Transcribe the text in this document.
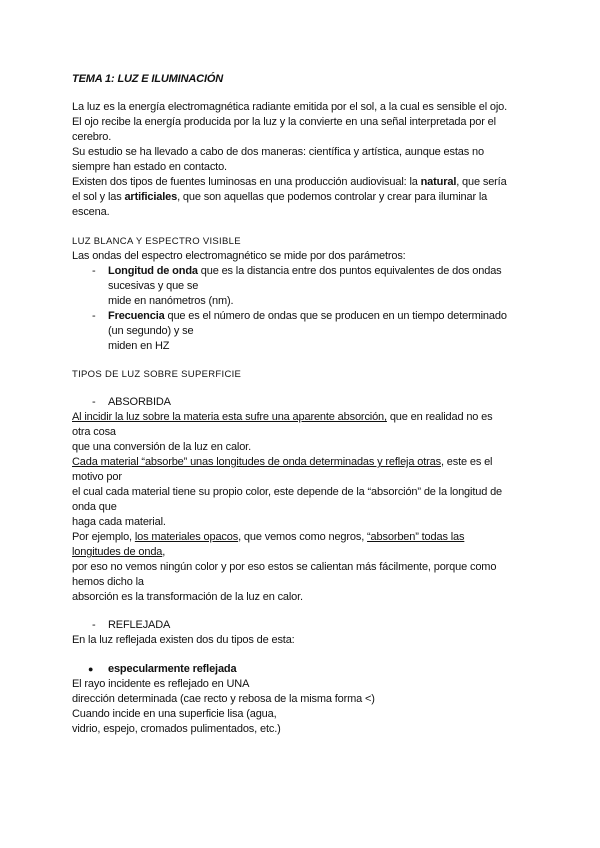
TEMA 1: LUZ E ILUMINACIÓN
La luz es la energía electromagnética radiante emitida por el sol, a la cual es sensible el ojo.
El ojo recibe la energía producida por la luz y la convierte en una señal interpretada por el
cerebro.
Su estudio se ha llevado a cabo de dos maneras: científica y artística, aunque estas no
siempre han estado en contacto.
Existen dos tipos de fuentes luminosas en una producción audiovisual: la natural, que sería
el sol y las artificiales, que son aquellas que podemos controlar y crear para iluminar la
escena.
LUZ BLANCA Y ESPECTRO VISIBLE
Las ondas del espectro electromagnético se mide por dos parámetros:
- Longitud de onda que es la distancia entre dos puntos equivalentes de dos ondas
sucesivas y que se
mide en nanómetros (nm).
- Frecuencia que es el número de ondas que se producen en un tiempo determinado
(un segundo) y se
miden en HZ
TIPOS DE LUZ SOBRE SUPERFICIE
- ABSORBIDA
Al incidir la luz sobre la materia esta sufre una aparente absorción, que en realidad no es
otra cosa
que una conversión de la luz en calor.
Cada material “absorbe” unas longitudes de onda determinadas y refleja otras, este es el
motivo por
el cual cada material tiene su propio color, este depende de la “absorción” de la longitud de
onda que
haga cada material.
Por ejemplo, los materiales opacos, que vemos como negros, “absorben” todas las
longitudes de onda,
por eso no vemos ningún color y por eso estos se calientan más fácilmente, porque como
hemos dicho la
absorción es la transformación de la luz en calor.
- REFLEJADA
En la luz reflejada existen dos du tipos de esta:
● especularmente reflejada
El rayo incidente es reflejado en UNA
dirección determinada (cae recto y rebosa de la misma forma <)
Cuando incide en una superficie lisa (agua,
vidrio, espejo, cromados pulimentados, etc.)
